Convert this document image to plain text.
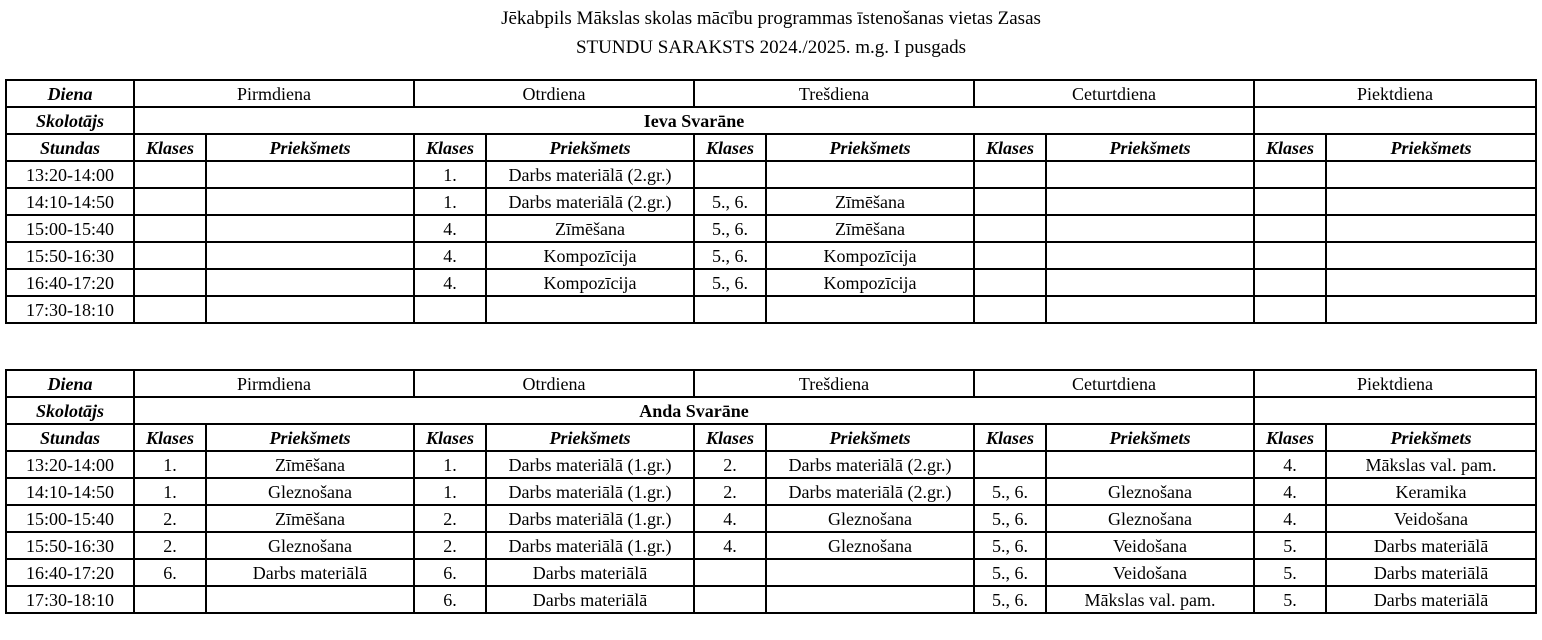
Jēkabpils Mākslas skolas mācību programmas īstenošanas vietas Zasas
STUNDU SARAKSTS 2024./2025. m.g. I pusgads
Diena	Pirmdiena		Otrdiena		Trešdiena		Ceturtdiena		Piektdiena	
Skolotājs	Ieva Svarāne									
Stundas	Klases	Priekšmets	Klases	Priekšmets	Klases	Priekšmets	Klases	Priekšmets	Klases	Priekšmets
13:20-14:00			1.	Darbs materiālā (2.gr.)						
14:10-14:50			1.	Darbs materiālā (2.gr.)	5., 6.	Zīmēšana				
15:00-15:40			4.	Zīmēšana	5., 6.	Zīmēšana				
15:50-16:30			4.	Kompozīcija	5., 6.	Kompozīcija				
16:40-17:20			4.	Kompozīcija	5., 6.	Kompozīcija				
17:30-18:10										
Diena	Pirmdiena		Otrdiena		Trešdiena		Ceturtdiena		Piektdiena	
Skolotājs	Anda Svarāne									
Stundas	Klases	Priekšmets	Klases	Priekšmets	Klases	Priekšmets	Klases	Priekšmets	Klases	Priekšmets
13:20-14:00	1.	Zīmēšana	1.	Darbs materiālā (1.gr.)	2.	Darbs materiālā (2.gr.)			4.	Mākslas val. pam.
14:10-14:50	1.	Gleznošana	1.	Darbs materiālā (1.gr.)	2.	Darbs materiālā (2.gr.)	5., 6.	Gleznošana	4.	Keramika
15:00-15:40	2.	Zīmēšana	2.	Darbs materiālā (1.gr.)	4.	Gleznošana	5., 6.	Gleznošana	4.	Veidošana
15:50-16:30	2.	Gleznošana	2.	Darbs materiālā (1.gr.)	4.	Gleznošana	5., 6.	Veidošana	5.	Darbs materiālā
16:40-17:20	6.	Darbs materiālā	6.	Darbs materiālā			5., 6.	Veidošana	5.	Darbs materiālā
17:30-18:10			6.	Darbs materiālā			5., 6.	Mākslas val. pam.	5.	Darbs materiālā
